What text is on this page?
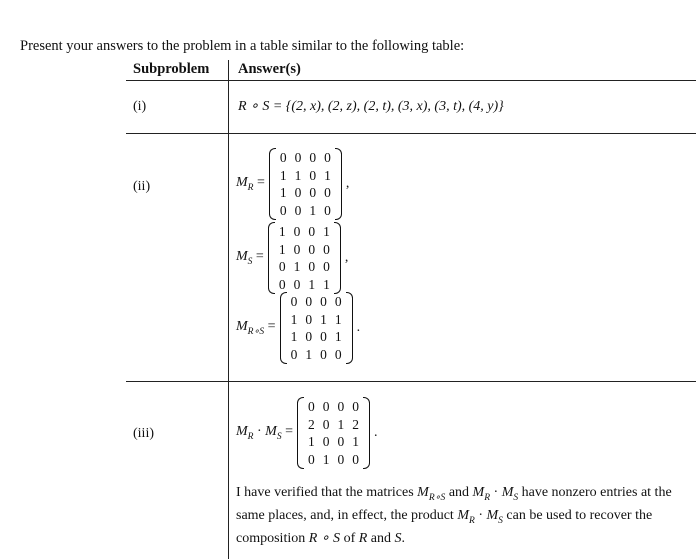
Present your answers to the problem in a table similar to the following table:
Subproblem Answer(s)
(i)	R ∘ S = {(2, x), (2, z), (2, t), (3, x), (3, t), (4, y)}
(ii)	$M_R$ =
0	0	0	0
1	1	0	1
1	0	0	0
0	0	1	0
,
$M_S$ =
1	0	0	1
1	0	0	0
0	1	0	0
0	0	1	1
,
$M_{R\circ S}$ =
0	0	0	0
1	0	1	1
1	0	0	1
0	1	0	0
.
(iii)	$M_R \cdot M_S$ =
0	0	0	0
2	0	1	2
1	0	0	1
0	1	0	0
.
I have verified that the matrices $M_{R\circ S}$ and $M_R \cdot M_S$ have nonzero entries at the same places, and, in effect, the product $M_R \cdot M_S$ can be used to recover the composition R ∘ S of R and S.
